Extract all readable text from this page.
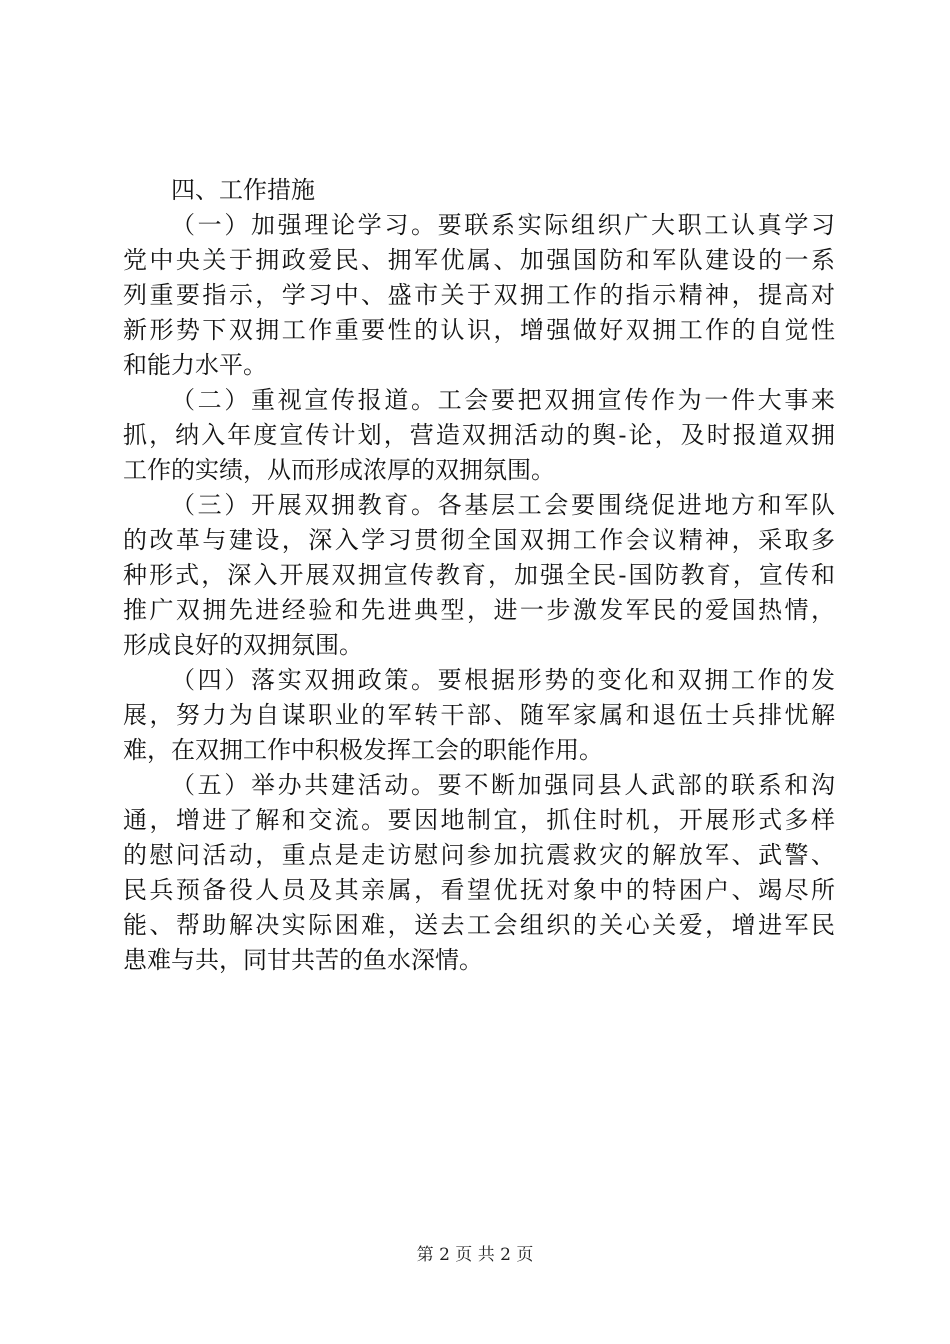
四、工作措施

（一）加强理论学习。要联系实际组织广大职工认真学习
党中央关于拥政爱民、拥军优属、加强国防和军队建设的一系
列重要指示，学习中、盛市关于双拥工作的指示精神，提高对
新形势下双拥工作重要性的认识，增强做好双拥工作的自觉性
和能力水平。

（二）重视宣传报道。工会要把双拥宣传作为一件大事来
抓，纳入年度宣传计划，营造双拥活动的舆-论，及时报道双拥
工作的实绩，从而形成浓厚的双拥氛围。

（三）开展双拥教育。各基层工会要围绕促进地方和军队
的改革与建设，深入学习贯彻全国双拥工作会议精神，采取多
种形式，深入开展双拥宣传教育，加强全民-国防教育，宣传和
推广双拥先进经验和先进典型，进一步激发军民的爱国热情，
形成良好的双拥氛围。

（四）落实双拥政策。要根据形势的变化和双拥工作的发
展，努力为自谋职业的军转干部、随军家属和退伍士兵排忧解
难，在双拥工作中积极发挥工会的职能作用。

（五）举办共建活动。要不断加强同县人武部的联系和沟
通，增进了解和交流。要因地制宜，抓住时机，开展形式多样
的慰问活动，重点是走访慰问参加抗震救灾的解放军、武警、
民兵预备役人员及其亲属，看望优抚对象中的特困户、竭尽所
能、帮助解决实际困难，送去工会组织的关心关爱，增进军民
患难与共，同甘共苦的鱼水深情。

第 2 页 共 2 页
